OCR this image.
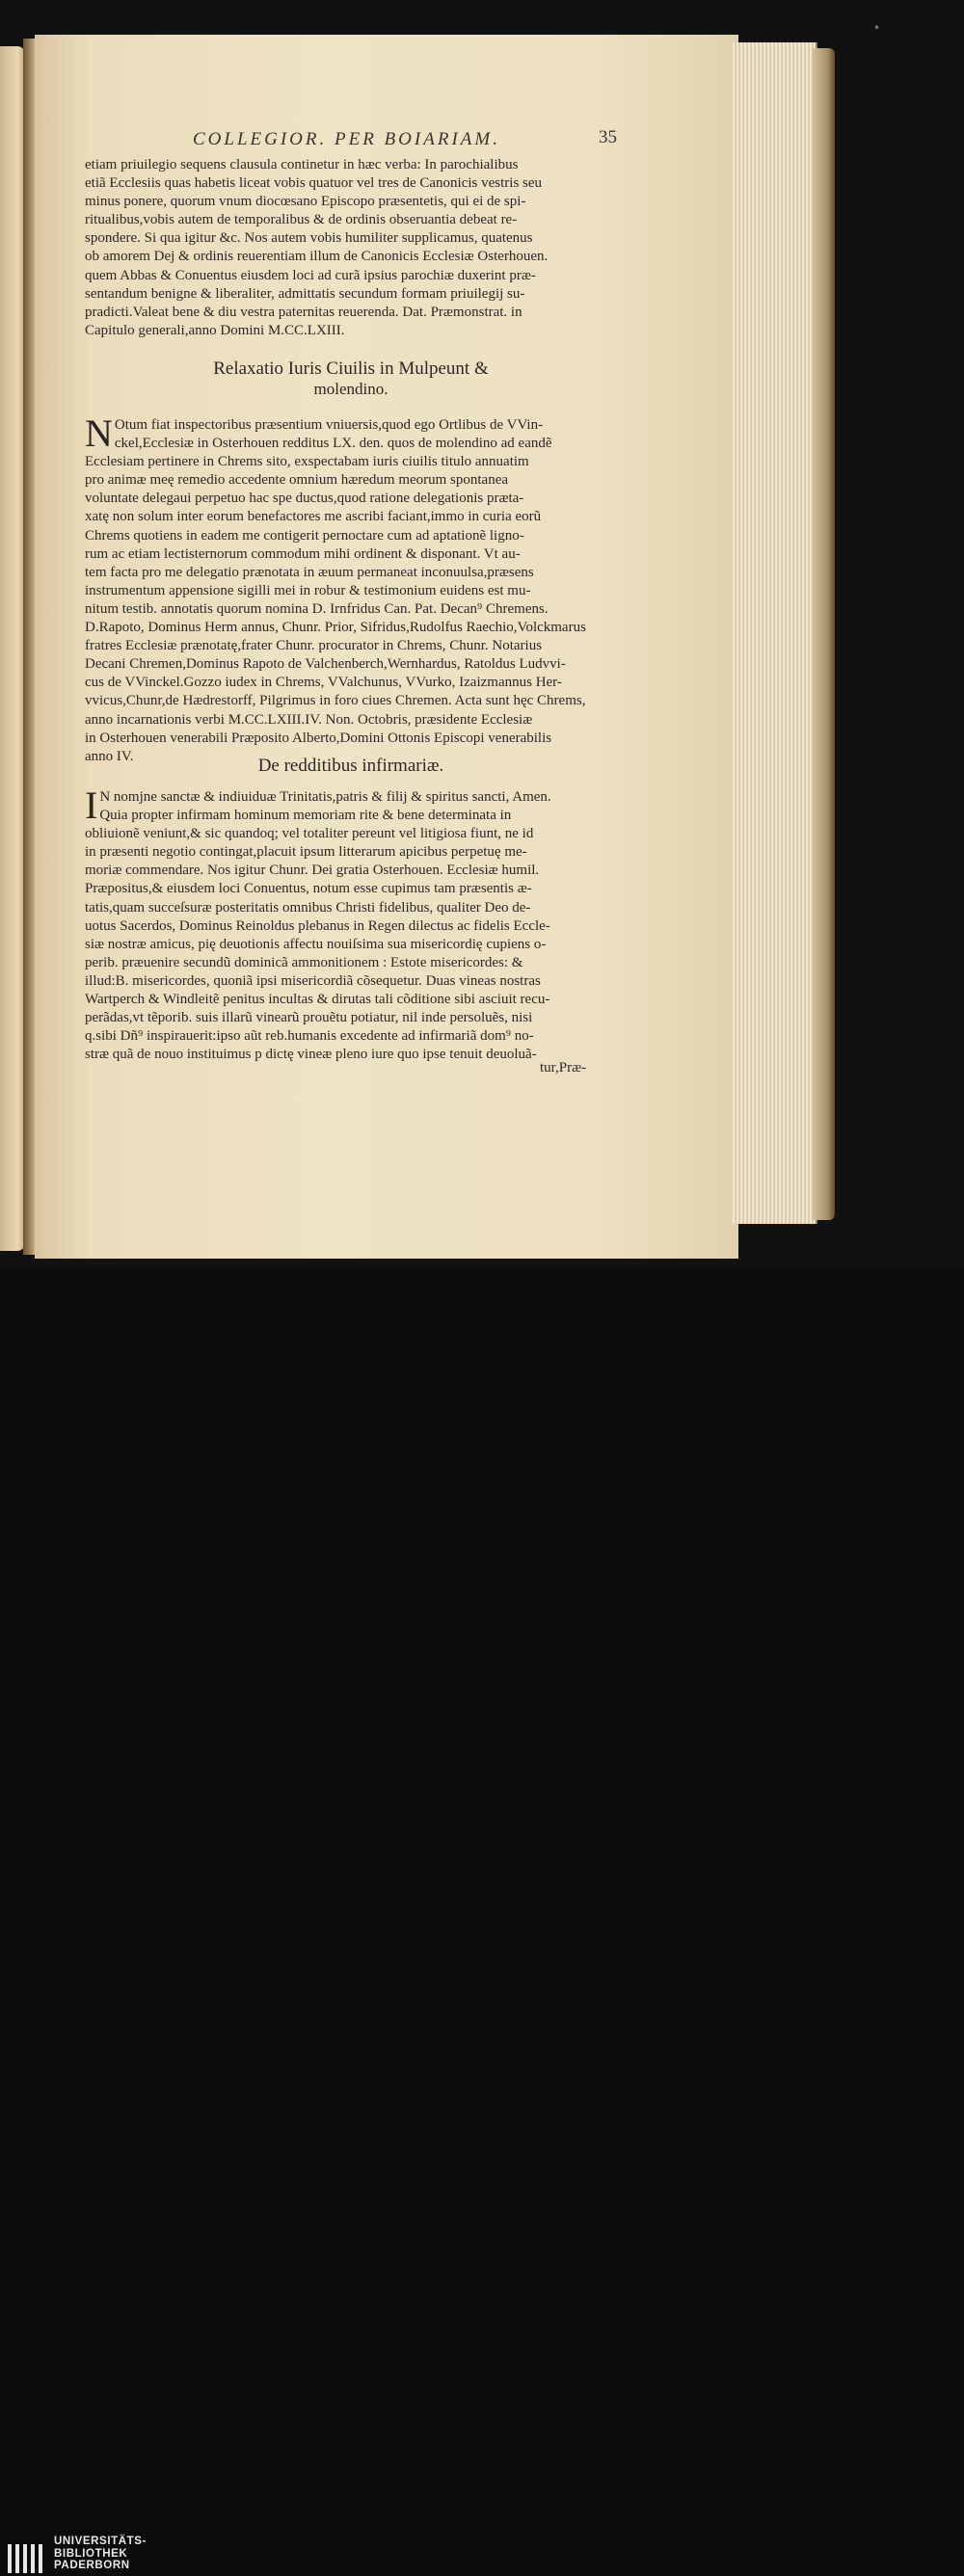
•
COLLEGIOR. PER BOIARIAM.	35
etiam priuilegio sequens clausula continetur in hæc verba: In parochialibus
etiã Ecclesiis quas habetis liceat vobis quatuor vel tres de Canonicis vestris seu
minus ponere, quorum vnum diocœsano Episcopo præsentetis, qui ei de spi-
ritualibus,vobis autem de temporalibus & de ordinis obseruantia debeat re-
spondere. Si qua igitur &c. Nos autem vobis humiliter supplicamus, quatenus
ob amorem Dej & ordinis reuerentiam illum de Canonicis Ecclesiæ Osterhouen.
quem Abbas & Conuentus eiusdem loci ad curã ipsius parochiæ duxerint præ-
sentandum benigne & liberaliter, admittatis secundum formam priuilegij su-
pradicti.Valeat bene & diu vestra paternitas reuerenda. Dat. Præmonstrat. in
Capitulo generali,anno Domini M.CC.LXIII.
Relaxatio Iuris Ciuilis in Mulpeunt &
molendino.
N Otum fiat inspectoribus præsentium vniuersis,quod ego Ortlibus de VVin-
ckel,Ecclesiæ in Osterhouen redditus LX. den. quos de molendino ad eandẽ
Ecclesiam pertinere in Chrems sito, exspectabam iuris ciuilis titulo annuatim
pro animæ meę remedio accedente omnium hæredum meorum spontanea
voluntate delegaui perpetuo hac spe ductus,quod ratione delegationis præta-
xatę non solum inter eorum benefactores me ascribi faciant,immo in curia eorũ
Chrems quotiens in eadem me contigerit pernoctare cum ad aptationẽ ligno-
rum ac etiam lectisternorum commodum mihi ordinent & disponant. Vt au-
tem facta pro me delegatio prænotata in æuum permaneat inconuulsa,præsens
instrumentum appensione sigilli mei in robur & testimonium euidens est mu-
nitum testib. annotatis quorum nomina D. Irnfridus Can. Pat. Decan⁹ Chremens.
D.Rapoto, Dominus Herm annus, Chunr. Prior, Sifridus,Rudolfus Raechio,Volckmarus
fratres Ecclesiæ prænotatę,frater Chunr. procurator in Chrems, Chunr. Notarius
Decani Chremen,Dominus Rapoto de Valchenberch,Wernhardus, Ratoldus Ludvvi-
cus de VVinckel.Gozzo iudex in Chrems, VValchunus, VVurko, Izaizmannus Her-
vvicus,Chunr,de Hædrestorff, Pilgrimus in foro ciues Chremen. Acta sunt hęc Chrems,
anno incarnationis verbi M.CC.LXIII.IV. Non. Octobris, præsidente Ecclesiæ
in Osterhouen venerabili Præposito Alberto,Domini Ottonis Episcopi venerabilis
anno IV.	De redditibus infirmariæ.
I N nomjne sanctæ & indiuiduæ Trinitatis,patris & filij & spiritus sancti, Amen.
Quia propter infirmam hominum memoriam rite & bene determinata in
obliuionẽ veniunt,& sic quandoq; vel totaliter pereunt vel litigiosa fiunt, ne id
in præsenti negotio contingat,placuit ipsum litterarum apicibus perpetuę me-
moriæ commendare. Nos igitur Chunr. Dei gratia Osterhouen. Ecclesiæ humil.
Præpositus,& eiusdem loci Conuentus, notum esse cupimus tam præsentis æ-
tatis,quam succeſsuræ posteritatis omnibus Christi fidelibus, qualiter Deo de-
uotus Sacerdos, Dominus Reinoldus plebanus in Regen dilectus ac fidelis Eccle-
siæ nostræ amicus, pię deuotionis affectu nouiſsima sua misericordię cupiens o-
perib. præuenire secundũ dominicã ammonitionem : Estote misericordes: &
illud:B. misericordes, quoniã ipsi misericordiã cõsequetur. Duas vineas nostras
Wartperch & Windleitẽ penitus incultas & dirutas tali cõditione sibi asciuit recu-
perãdas,vt tẽporib. suis illarũ vinearũ prouẽtu potiatur, nil inde persoluẽs, nisi
q.sibi Dñ⁹ inspirauerit:ipso aũt reb.humanis excedente ad infirmariã dom⁹ no-
stræ quã de nouo instituimus p dictę vineæ pleno iure quo ipse tenuit deuoluã-
tur,Præ-
UNIVERSITÄTS-
BIBLIOTHEK
PADERBORN
